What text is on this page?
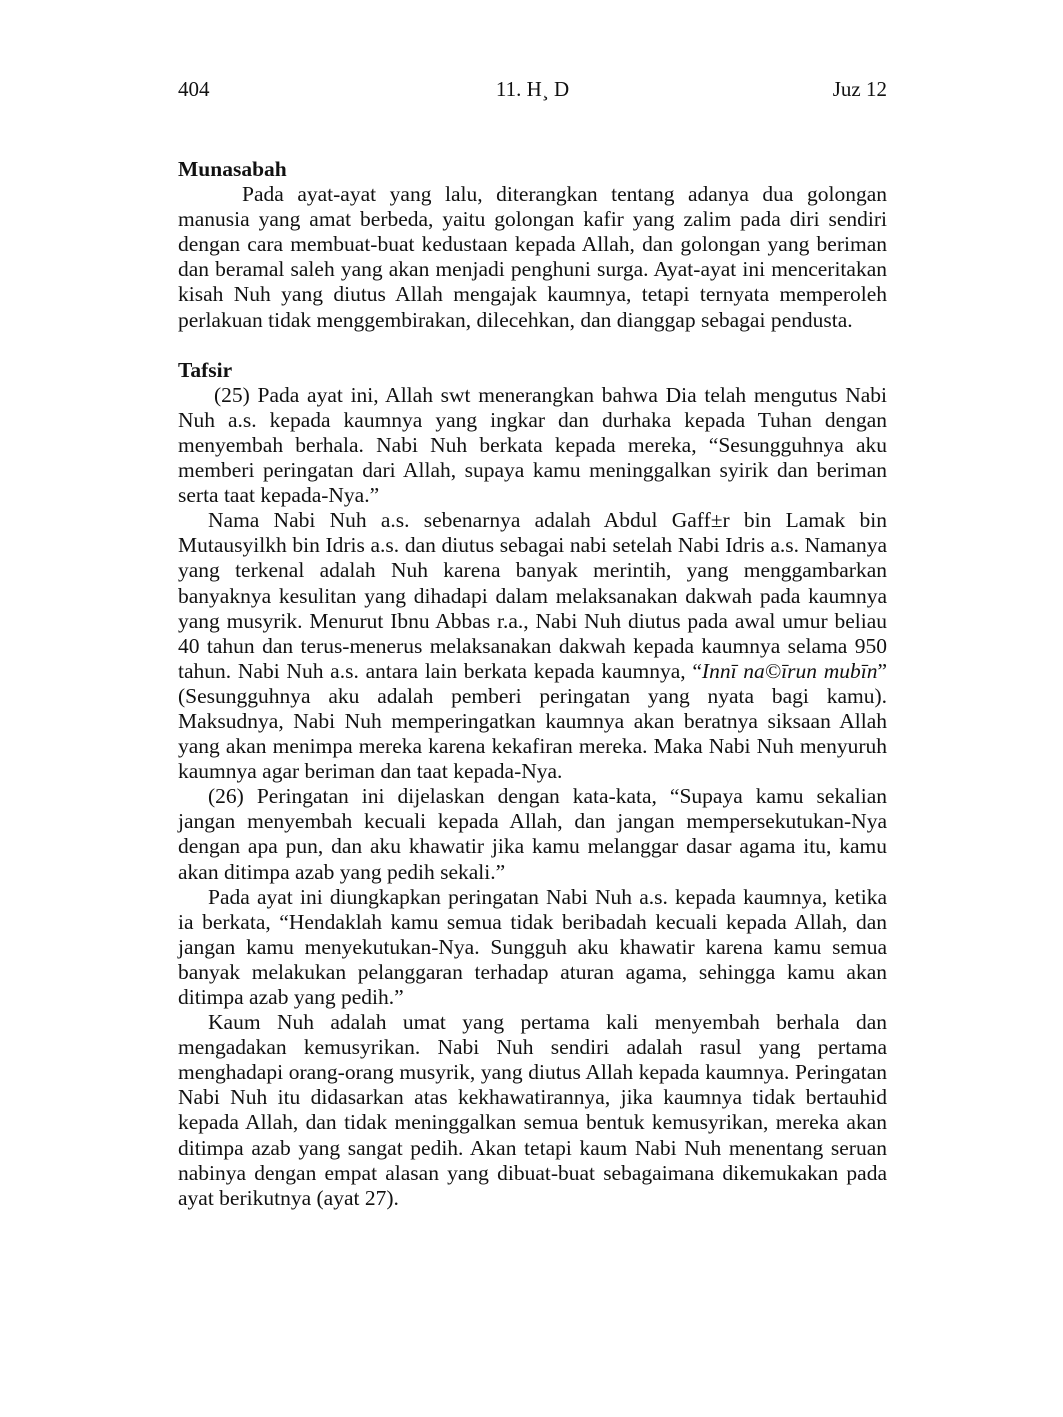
404	11. H¸ D	Juz 12
Munasabah

Pada ayat-ayat yang lalu, diterangkan tentang adanya dua golongan manusia yang amat berbeda, yaitu golongan kafir yang zalim pada diri sendiri dengan cara membuat-buat kedustaan kepada Allah, dan golongan yang beriman dan beramal saleh yang akan menjadi penghuni surga. Ayat-ayat ini menceritakan kisah Nuh yang diutus Allah mengajak kaumnya, tetapi ternyata memperoleh perlakuan tidak menggembirakan, dilecehkan, dan dianggap sebagai pendusta.

Tafsir

(25) Pada ayat ini, Allah swt menerangkan bahwa Dia telah mengutus Nabi Nuh a.s. kepada kaumnya yang ingkar dan durhaka kepada Tuhan dengan menyembah berhala. Nabi Nuh berkata kepada mereka, “Sesungguhnya aku memberi peringatan dari Allah, supaya kamu meninggalkan syirik dan beriman serta taat kepada-Nya.”

Nama Nabi Nuh a.s. sebenarnya adalah Abdul Gaff±r bin Lamak bin Mutausyilkh bin Idris a.s. dan diutus sebagai nabi setelah Nabi Idris a.s. Namanya yang terkenal adalah Nuh karena banyak merintih, yang menggambarkan banyaknya kesulitan yang dihadapi dalam melaksanakan dakwah pada kaumnya yang musyrik. Menurut Ibnu Abbas r.a., Nabi Nuh diutus pada awal umur beliau 40 tahun dan terus-menerus melaksanakan dakwah kepada kaumnya selama 950 tahun. Nabi Nuh a.s. antara lain berkata kepada kaumnya, “Innī na©īrun mubīn” (Sesungguhnya aku adalah pemberi peringatan yang nyata bagi kamu). Maksudnya, Nabi Nuh memperingatkan kaumnya akan beratnya siksaan Allah yang akan menimpa mereka karena kekafiran mereka. Maka Nabi Nuh menyuruh kaumnya agar beriman dan taat kepada-Nya.

(26) Peringatan ini dijelaskan dengan kata-kata, “Supaya kamu sekalian jangan menyembah kecuali kepada Allah, dan jangan mempersekutukan-Nya dengan apa pun, dan aku khawatir jika kamu melanggar dasar agama itu, kamu akan ditimpa azab yang pedih sekali.”

Pada ayat ini diungkapkan peringatan Nabi Nuh a.s. kepada kaumnya, ketika ia berkata, “Hendaklah kamu semua tidak beribadah kecuali kepada Allah, dan jangan kamu menyekutukan-Nya. Sungguh aku khawatir karena kamu semua banyak melakukan pelanggaran terhadap aturan agama, sehingga kamu akan ditimpa azab yang pedih.”

Kaum Nuh adalah umat yang pertama kali menyembah berhala dan mengadakan kemusyrikan. Nabi Nuh sendiri adalah rasul yang pertama menghadapi orang-orang musyrik, yang diutus Allah kepada kaumnya. Peringatan Nabi Nuh itu didasarkan atas kekhawatirannya, jika kaumnya tidak bertauhid kepada Allah, dan tidak meninggalkan semua bentuk kemusyrikan, mereka akan ditimpa azab yang sangat pedih. Akan tetapi kaum Nabi Nuh menentang seruan nabinya dengan empat alasan yang dibuat-buat sebagaimana dikemukakan pada ayat berikutnya (ayat 27).
